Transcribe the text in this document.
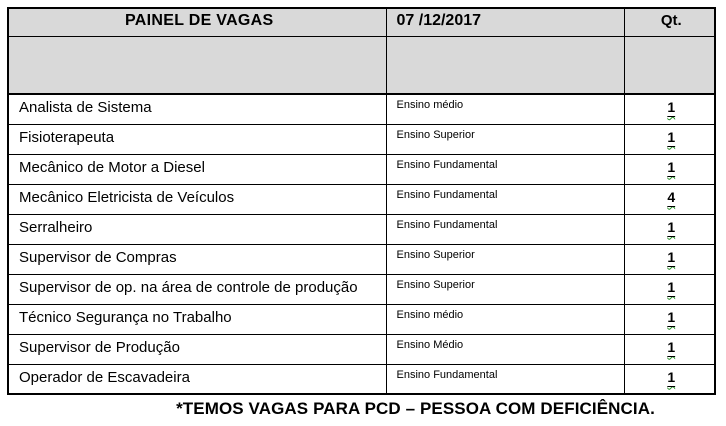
PAINEL DE VAGAS	07 /12/2017	Qt.

Analista de Sistema	Ensino médio	1
Fisioterapeuta	Ensino Superior	1
Mecânico de Motor a Diesel	Ensino Fundamental	1
Mecânico Eletricista de Veículos	Ensino Fundamental	4
Serralheiro	Ensino Fundamental	1
Supervisor de Compras	Ensino Superior	1
Supervisor de op. na área de controle de produção	Ensino Superior	1
Técnico Segurança no Trabalho	Ensino médio	1
Supervisor de Produção	Ensino Médio	1
Operador de Escavadeira	Ensino Fundamental	1
*TEMOS VAGAS PARA PCD – PESSOA COM DEFICIÊNCIA.
